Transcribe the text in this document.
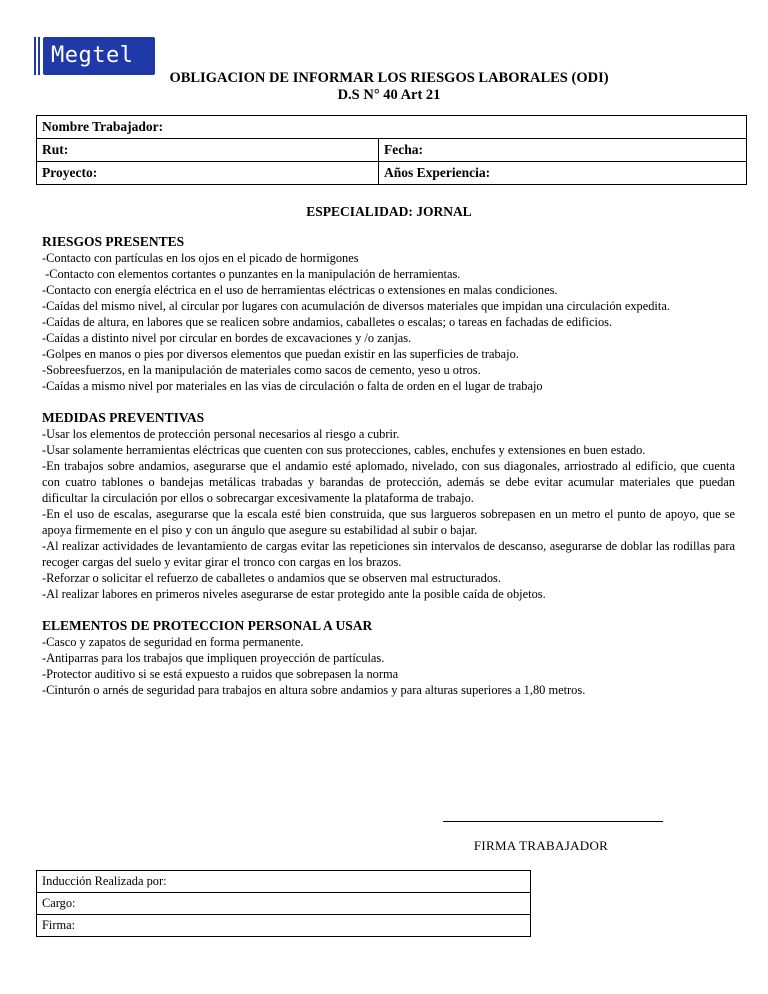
Megtel
OBLIGACION DE INFORMAR LOS RIESGOS LABORALES (ODI)
D.S N° 40 Art 21
Nombre Trabajador:	
Rut:	Fecha:
Proyecto:	Años Experiencia:
ESPECIALIDAD: JORNAL
RIESGOS PRESENTES

-Contacto con partículas en los ojos en el picado de hormigones

-Contacto con elementos cortantes o punzantes en la manipulación de herramientas.

-Contacto con energía eléctrica en el uso de herramientas eléctricas o extensiones en malas condiciones.

-Caídas del mismo nivel, al circular por lugares con acumulación de diversos materiales que impidan una circulación expedita.

-Caídas de altura, en labores que se realicen sobre andamios, caballetes o escalas; o tareas en fachadas de edificios.

-Caídas a distinto nivel por circular en bordes de excavaciones y /o zanjas.

-Golpes en manos o pies por diversos elementos que puedan existir en las superficies de trabajo.

-Sobreesfuerzos, en la manipulación de materiales como sacos de cemento, yeso u otros.

-Caídas a mismo nivel por materiales en las vias de circulación o falta de orden en el lugar de trabajo

MEDIDAS PREVENTIVAS

-Usar los elementos de protección personal necesarios al riesgo a cubrir.

-Usar solamente herramientas eléctricas que cuenten con sus protecciones, cables, enchufes y extensiones en buen estado.

-En trabajos sobre andamios, asegurarse que el andamio esté aplomado, nivelado, con sus diagonales, arriostrado al edificio, que cuenta con cuatro tablones o bandejas metálicas trabadas y barandas de protección, además se debe evitar acumular materiales que puedan dificultar la circulación por ellos o sobrecargar excesivamente la plataforma de trabajo.

-En el uso de escalas, asegurarse que la escala esté bien construida, que sus largueros sobrepasen en un metro el punto de apoyo, que se apoya firmemente en el piso y con un ángulo que asegure su estabilidad al subir o bajar.

-Al realizar actividades de levantamiento de cargas evitar las repeticiones sin intervalos de descanso, asegurarse de doblar las rodillas para recoger cargas del suelo y evitar girar el tronco con cargas en los brazos.

-Reforzar o solicitar el refuerzo de caballetes o andamios que se observen mal estructurados.

-Al realizar labores en primeros niveles asegurarse de estar protegido ante la posible caída de objetos.

ELEMENTOS DE PROTECCION PERSONAL A USAR

-Casco y zapatos de seguridad en forma permanente.

-Antiparras para los trabajos que impliquen proyección de partículas.

-Protector auditivo si se está expuesto a ruidos que sobrepasen la norma

-Cinturón o arnés de seguridad para trabajos en altura sobre andamios y para alturas superiores a 1,80 metros.

FIRMA TRABAJADOR
Inducción Realizada por:
Cargo:
Firma:
